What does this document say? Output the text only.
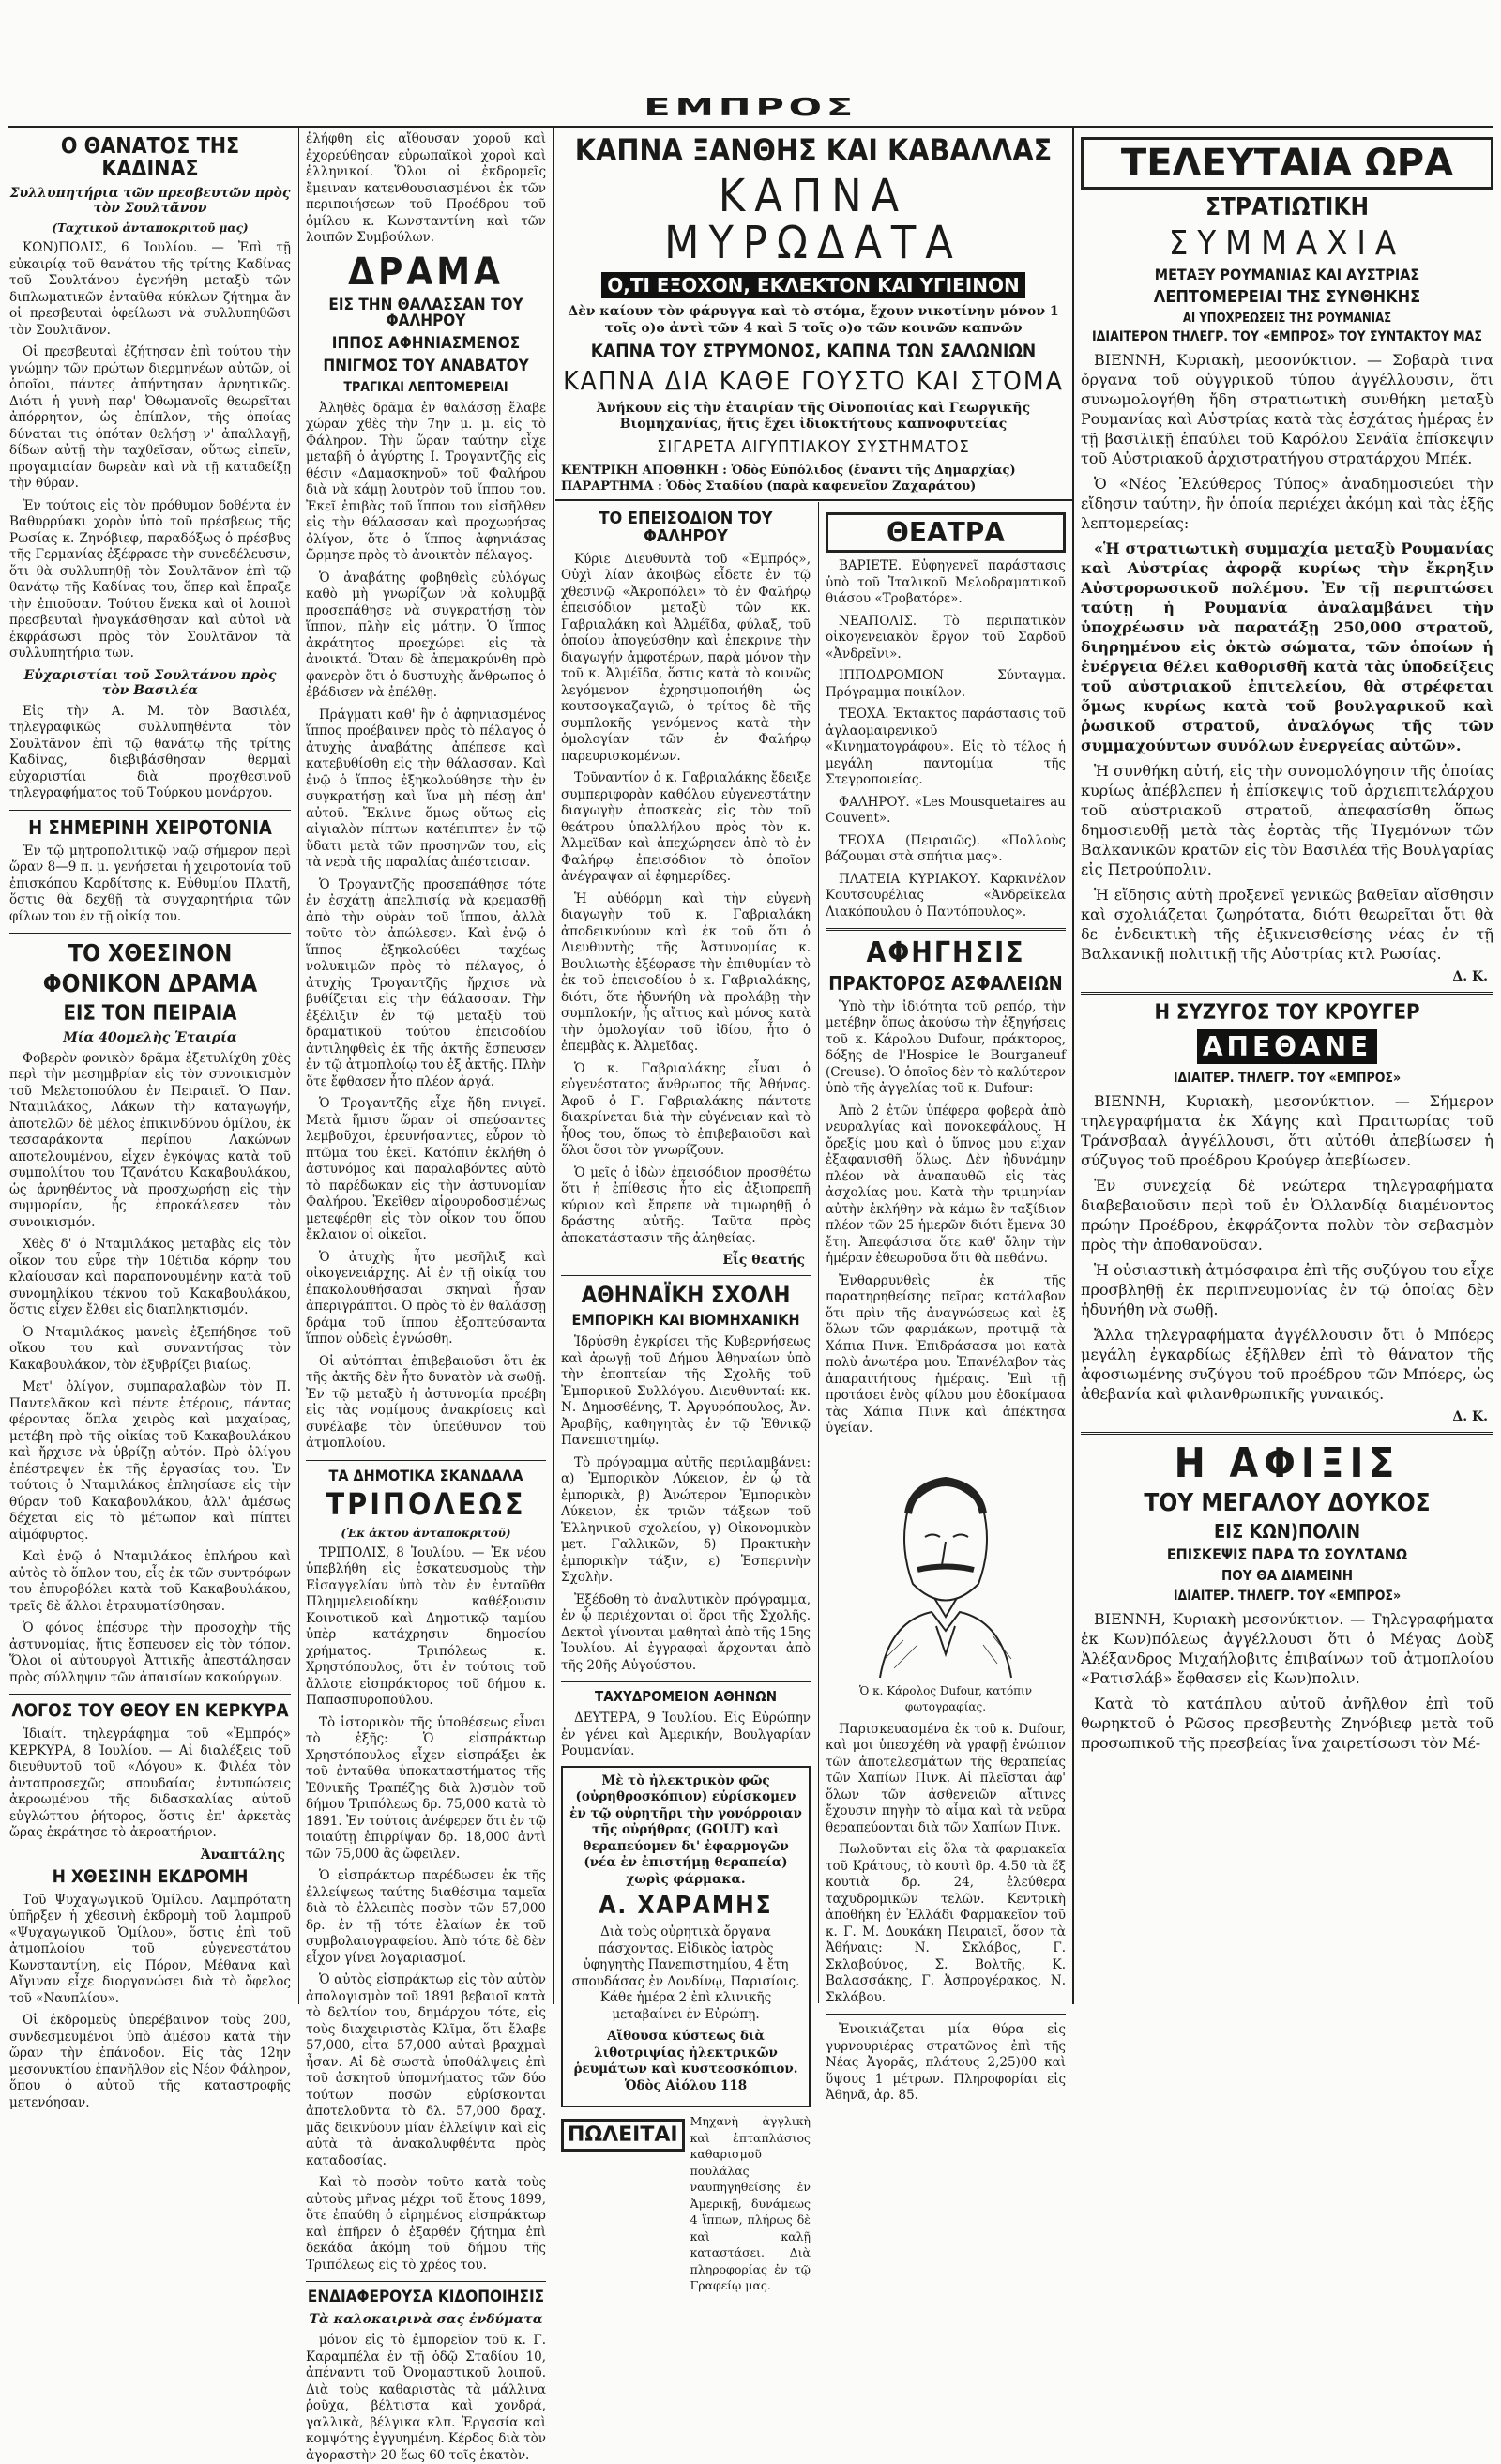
ΕΜΠΡΟΣ
Ο ΘΑΝΑΤΟΣ ΤΗΣ ΚΑΔΙΝΑΣ
Συλλυπητήρια τῶν πρεσβευτῶν πρὸς τὸν Σουλτᾶνον
(Ταχτικοῦ ἀνταποκριτοῦ μας)

ΚΩΝ)ΠΟΛΙΣ, 6 Ἰουλίου. — Ἐπὶ τῇ εὐκαιρίᾳ τοῦ θανάτου τῆς τρίτης Καδίνας τοῦ Σουλτάνου ἐγενήθη μεταξὺ τῶν διπλωματικῶν ἐνταῦθα κύκλων ζήτημα ἂν οἱ πρεσβευταὶ ὀφείλωσι νὰ συλλυπηθῶσι τὸν Σουλτᾶνον.

Οἱ πρεσβευταὶ ἐζήτησαν ἐπὶ τούτου τὴν γνώμην τῶν πρώτων διερμηνέων αὐτῶν, οἱ ὁποῖοι, πάντες ἀπήντησαν ἀρνητικῶς. Διότι ἡ γυνὴ παρ' Ὀθωμανοῖς θεωρεῖται ἀπόρρητον, ὡς ἐπίπλον, τῆς ὁποίας δύναται τις ὁπόταν θελήσῃ ν' ἀπαλλαγῇ, δίδων αὐτῇ τὴν ταχθεῖσαν, οὕτως εἰπεῖν, προγαμιαίαν δωρεὰν καὶ νὰ τῇ καταδείξῃ τὴν θύραν.

Ἐν τούτοις εἰς τὸν πρόθυμον δοθέντα ἐν Βαθυρρύακι χορὸν ὑπὸ τοῦ πρέσβεως τῆς Ρωσίας κ. Ζηνόβιεφ, παραδόξως ὁ πρέσβυς τῆς Γερμανίας ἐξέφρασε τὴν συνεδέλευσιν, ὅτι θὰ συλλυπηθῇ τὸν Σουλτᾶνον ἐπὶ τῷ θανάτῳ τῆς Καδίνας του, ὅπερ καὶ ἔπραξε τὴν ἐπιοῦσαν. Τούτου ἕνεκα καὶ οἱ λοιποὶ πρεσβευταὶ ἠναγκάσθησαν καὶ αὐτοὶ νὰ ἐκφράσωσι πρὸς τὸν Σουλτᾶνον τὰ συλλυπητήρια των.

Εὐχαριστίαι τοῦ Σουλτάνου πρὸς τὸν Βασιλέα

Εἰς τὴν Α. Μ. τὸν Βασιλέα, τηλεγραφικῶς συλλυπηθέντα τὸν Σουλτᾶνον ἐπὶ τῷ θανάτῳ τῆς τρίτης Καδίνας, διεβιβάσθησαν θερμαὶ εὐχαριστίαι διὰ προχθεσινοῦ τηλεγραφήματος τοῦ Τούρκου μονάρχου.

Η ΣΗΜΕΡΙΝΗ ΧΕΙΡΟΤΟΝΙΑ

Ἐν τῷ μητροπολιτικῷ ναῷ σήμερον περὶ ὥραν 8—9 π. μ. γενήσεται ἡ χειροτονία τοῦ ἐπισκόπου Καρδίτσης κ. Εὐθυμίου Πλατῆ, ὅστις θὰ δεχθῇ τὰ συγχαρητήρια τῶν φίλων του ἐν τῇ οἰκίᾳ του.

ΤΟ ΧΘΕΣΙΝΟΝ
ΦΟΝΙΚΟΝ ΔΡΑΜΑ
ΕΙΣ ΤΟΝ ΠΕΙΡΑΙΑ
Μία 40ομελὴς Ἑταιρία

Φοβερὸν φονικὸν δρᾶμα ἐξετυλίχθη χθὲς περὶ τὴν μεσημβρίαν εἰς τὸν συνοικισμὸν τοῦ Μελετοπούλου ἐν Πειραιεῖ. Ὁ Παν. Νταμιλάκος, Λάκων τὴν καταγωγήν, ἀποτελῶν δὲ μέλος ἐπικινδύνου ὁμίλου, ἐκ τεσσαράκοντα περίπου Λακώνων αποτελουμένου, εἶχεν ἐγκόψας κατὰ τοῦ συμπολίτου του Τζανάτου Κακαβουλάκου, ὡς ἀρνηθέντος νὰ προσχωρήσῃ εἰς τὴν συμμορίαν, ἧς ἐπροκάλεσεν τὸν συνοικισμόν.

Χθὲς δ' ὁ Νταμιλάκος μεταβὰς εἰς τὸν οἶκον του εὗρε τὴν 10έτιδα κόρην του κλαίουσαν καὶ παραπονουμένην κατὰ τοῦ συνομηλίκου τέκνου τοῦ Κακαβουλάκου, ὅστις εἶχεν ἔλθει εἰς διαπληκτισμόν.

Ὁ Νταμιλάκος μανεὶς ἐξεπήδησε τοῦ οἴκου του καὶ συναντήσας τὸν Κακαβουλάκον, τὸν ἐξυβρίζει βιαίως.

Μετ' ὀλίγον, συμπαραλαβὼν τὸν Π. Παντελᾶκον καὶ πέντε ἑτέρους, πάντας φέροντας ὅπλα χειρὸς καὶ μαχαίρας, μετέβη πρὸ τῆς οἰκίας τοῦ Κακαβουλάκου καὶ ἤρχισε νὰ ὑβρίζῃ αὐτόν. Πρὸ ὀλίγου ἐπέστρεψεν ἐκ τῆς ἐργασίας του. Ἐν τούτοις ὁ Νταμιλάκος ἐπλησίασε εἰς τὴν θύραν τοῦ Κακαβουλάκου, ἀλλ' ἀμέσως δέχεται εἰς τὸ μέτωπον καὶ πίπτει αἱμόφυρτος.

Καὶ ἐνῷ ὁ Νταμιλάκος ἐπλήρου καὶ αὐτὸς τὸ ὅπλον του, εἷς ἐκ τῶν συντρόφων του ἐπυροβόλει κατὰ τοῦ Κακαβουλάκου, τρεῖς δὲ ἄλλοι ἐτραυματίσθησαν.

Ὁ φόνος ἐπέσυρε τὴν προσοχὴν τῆς ἀστυνομίας, ἥτις ἔσπευσεν εἰς τὸν τόπον. Ὅλοι οἱ αὐτουργοὶ Ἀττικῆς ἀπεστάλησαν πρὸς σύλληψιν τῶν ἀπαισίων κακούργων.

ΛΟΓΟΣ ΤΟΥ ΘΕΟΥ ΕΝ ΚΕΡΚΥΡΑ

Ἰδιαίτ. τηλεγράφημα τοῦ «Ἐμπρός» ΚΕΡΚΥΡΑ, 8 Ἰουλίου. — Αἱ διαλέξεις τοῦ διευθυντοῦ τοῦ «Λόγου» κ. Φιλέα τὸν ἀνταπροσεχῶς σπουδαίας ἐντυπώσεις ἀκροωμένου τῆς διδασκαλίας αὐτοῦ εὐγλώττου ῥήτορος, ὅστις ἐπ' ἀρκετὰς ὥρας ἐκράτησε τὸ ἀκροατήριον.

Ἀναπτάλης
Η ΧΘΕΣΙΝΗ ΕΚΔΡΟΜΗ

Τοῦ Ψυχαγωγικοῦ Ὁμίλου. Λαμπρότατη ὑπῆρξεν ἡ χθεσινὴ ἐκδρομὴ τοῦ λαμπροῦ «Ψυχαγωγικοῦ Ὁμίλου», ὅστις ἐπὶ τοῦ ἀτμοπλοίου τοῦ εὐγενεστάτου Κωνσταντίνη, εἰς Πόρον, Μέθανα καὶ Αἴγιναν εἶχε διοργανώσει διὰ τὸ ὄφελος τοῦ «Ναυπλίου».

Οἱ ἐκδρομεὺς ὑπερέβαινον τοὺς 200, συνδεσμευμένοι ὑπὸ ἀμέσου κατὰ τὴν ὥραν τὴν ἐπάνοδον. Εἰς τὰς 12ην μεσονυκτίου ἐπανῆλθον εἰς Νέον Φάληρον, ὅπου ὁ αὐτοῦ τῆς καταστροφῆς μετενόησαν.

ἐλήφθη εἰς αἴθουσαν χοροῦ καὶ ἐχορεύθησαν εὐρωπαϊκοὶ χοροὶ καὶ ἑλληνικοί. Ὅλοι οἱ ἐκδρομεῖς ἔμειναν κατενθουσιασμένοι ἐκ τῶν περιποιήσεων τοῦ Προέδρου τοῦ ὁμίλου κ. Κωνσταντίνη καὶ τῶν λοιπῶν Συμβούλων.

ΔΡΑΜΑ
ΕΙΣ ΤΗΝ ΘΑΛΑΣΣΑΝ ΤΟΥ ΦΑΛΗΡΟΥ
ΙΠΠΟΣ ΑΦΗΝΙΑΣΜΕΝΟΣ
ΠΝΙΓΜΟΣ ΤΟΥ ΑΝΑΒΑΤΟΥ
ΤΡΑΓΙΚΑΙ ΛΕΠΤΟΜΕΡΕΙΑΙ

Ἀληθὲς δρᾶμα ἐν θαλάσσῃ ἔλαβε χώραν χθὲς τὴν 7ην μ. μ. εἰς τὸ Φάληρον. Τὴν ὥραν ταύτην εἶχε μεταβῆ ὁ ἀγύρτης Ι. Τρογαντζῆς εἰς θέσιν «Δαμασκηνοῦ» τοῦ Φαλήρου διὰ νὰ κάμῃ λουτρὸν τοῦ ἵππου του. Ἐκεῖ ἐπιβὰς τοῦ ἵππου του εἰσῆλθεν εἰς τὴν θάλασσαν καὶ προχωρήσας ὀλίγον, ὅτε ὁ ἵππος ἀφηνιάσας ὥρμησε πρὸς τὸ ἀνοικτὸν πέλαγος.

Ὁ ἀναβάτης φοβηθεὶς εὐλόγως καθὸ μὴ γνωρίζων νὰ κολυμβᾷ προσεπάθησε νὰ συγκρατήσῃ τὸν ἵππον, πλὴν εἰς μάτην. Ὁ ἵππος ἀκράτητος προεχώρει εἰς τὰ ἀνοικτά. Ὅταν δὲ ἀπεμακρύνθη πρὸ φανερὸν ὅτι ὁ δυστυχὴς ἄνθρωπος ὁ ἐβάδισεν νὰ ἐπέλθῃ.

Πράγματι καθ' ἣν ὁ ἀφηνιασμένος ἵππος προέβαινεν πρὸς τὸ πέλαγος ὁ ἀτυχὴς ἀναβάτης ἀπέπεσε καὶ κατεβυθίσθη εἰς τὴν θάλασσαν. Καὶ ἐνῷ ὁ ἵππος ἐξηκολούθησε τὴν ἐν συγκρατήσῃ καὶ ἵνα μὴ πέσῃ ἀπ' αὐτοῦ. Ἔκλινε ὅμως οὕτως εἰς αἰγιαλὸν πίπτων κατέπιπτεν ἐν τῷ ὕδατι μετὰ τῶν προσηνῶν του, εἰς τὰ νερὰ τῆς παραλίας ἀπέστεισαν.

Ὁ Τρογαντζῆς προσεπάθησε τότε ἐν ἐσχάτῃ ἀπελπισίᾳ νὰ κρεμασθῇ ἀπὸ τὴν οὐρὰν τοῦ ἵππου, ἀλλὰ τοῦτο τὸν ἀπώλεσεν. Καὶ ἐνῷ ὁ ἵππος ἐξηκολούθει ταχέως νολυκιμῶν πρὸς τὸ πέλαγος, ὁ ἀτυχὴς Τρογαντζῆς ἤρχισε νὰ βυθίζεται εἰς τὴν θάλασσαν. Τὴν ἐξέλιξιν ἐν τῷ μεταξὺ τοῦ δραματικοῦ τούτου ἐπεισοδίου ἀντιληφθεὶς ἐκ τῆς ἀκτῆς ἔσπευσεν ἐν τῷ ἀτμοπλοίῳ του ἐξ ἀκτῆς. Πλὴν ὅτε ἔφθασεν ἦτο πλέον ἀργά.

Ὁ Τρογαντζῆς εἶχε ἤδη πνιγεῖ. Μετὰ ἥμισυ ὥραν οἱ σπεύσαντες λεμβοῦχοι, ἐρευνήσαντες, εὗρον τὸ πτῶμα του ἐκεῖ. Κατόπιν ἐκλήθη ὁ ἀστυνόμος καὶ παραλαβόντες αὐτὸ τὸ παρέδωκαν εἰς τὴν ἀστυνομίαν Φαλήρου. Ἐκεῖθεν αἱρουροδοσμένως μετεφέρθη εἰς τὸν οἶκον του ὅπου ἔκλαιον οἱ οἰκεῖοι.

Ὁ ἀτυχὴς ἦτο μεσῆλιξ καὶ οἰκογενειάρχης. Αἱ ἐν τῇ οἰκίᾳ του ἐπακολουθήσασαι σκηναὶ ἦσαν ἀπεριγράπτοι. Ὁ πρὸς τὸ ἐν θαλάσσῃ δράμα τοῦ ἵππου ἐξοπτεύσαντα ἵππον οὐδεὶς ἐγνώσθη.

Οἱ αὐτόπται ἐπιβεβαιοῦσι ὅτι ἐκ τῆς ἀκτῆς δὲν ἦτο δυνατὸν νὰ σωθῇ. Ἐν τῷ μεταξὺ ἡ ἀστυνομία προέβη εἰς τὰς νομίμους ἀνακρίσεις καὶ συνέλαβε τὸν ὑπεύθυνον τοῦ ἀτμοπλοίου.

ΤΑ ΔΗΜΟΤΙΚΑ ΣΚΑΝΔΑΛΑ
ΤΡΙΠΟΛΕΩΣ
(Ἐκ ἀκτου ἀνταποκριτοῦ)

ΤΡΙΠΟΛΙΣ, 8 Ἰουλίου. — Ἐκ νέου ὑπεβλήθη εἰς ἐσκατευσμοὺς τὴν Εἰσαγγελίαν ὑπὸ τὸν ἐν ἐνταῦθα Πλημμελειοδίκην καθέξουσιν Κοινοτικοῦ καὶ Δημοτικῷ ταμίου ὑπὲρ κατάχρησιν δημοσίου χρήματος. Τριπόλεως κ. Χρηστόπουλος, ὅτι ἐν τούτοις τοῦ ἄλλοτε εἰσπράκτορος τοῦ δήμου κ. Παπασπυροπούλου.

Τὸ ἱστορικὸν τῆς ὑποθέσεως εἶναι τὸ ἑξῆς: Ὁ εἰσπράκτωρ Χρηστόπουλος εἶχεν εἰσπράξει ἐκ τοῦ ἐνταῦθα ὑποκαταστήματος τῆς Ἐθνικῆς Τραπέζης διὰ λ)σμὸν τοῦ δήμου Τριπόλεως δρ. 75,000 κατὰ τὸ 1891. Ἐν τούτοις ἀνέφερεν ὅτι ἐν τῷ τοιαύτῃ ἐπιρρίψαν δρ. 18,000 ἀντὶ τῶν 75,000 ἃς ὤφειλεν.

Ὁ εἰσπράκτωρ παρέδωσεν ἐκ τῆς ἐλλείψεως ταύτης διαθέσιμα ταμεῖα διὰ τὸ ἐλλειπὲς ποσὸν τῶν 57,000 δρ. ἐν τῇ τότε ἐλαίων ἐκ τοῦ συμβολαιογραφείου. Ἀπὸ τότε δὲ δὲν εἶχον γίνει λογαριασμοί.

Ὁ αὐτὸς εἰσπράκτωρ εἰς τὸν αὐτὸν ἀπολογισμὸν τοῦ 1891 βεβαιοῖ κατὰ τὸ δελτίον του, δημάρχου τότε, εἰς τοὺς διαχειριστὰς Κλῖμα, ὅτι ἔλαβε 57,000, εἶτα 57,000 αὐταὶ βραχμαὶ ἦσαν. Αἱ δὲ σωστὰ ὑποθάλψεις ἐπὶ τοῦ ἀσκητοῦ ὑπομνήματος τῶν δύο τούτων ποσῶν εὑρίσκονται ἀποτελοῦντα τὸ δλ. 57,000 δραχ. μᾶς δεικνύουν μίαν ἐλλείψιν καὶ εἰς αὐτὰ τὰ ἀνακαλυφθέντα πρὸς καταδοσίας.

Καὶ τὸ ποσὸν τοῦτο κατὰ τοὺς αὐτοὺς μῆνας μέχρι τοῦ ἔτους 1899, ὅτε ἐπαύθη ὁ εἰρημένος εἰσπράκτωρ καὶ ἐπῆρεν ὁ ἐξαρθέν ζήτημα ἐπὶ δεκάδα ἀκόμη τοῦ δήμου τῆς Τριπόλεως εἰς τὸ χρέος του.

ΕΝΔΙΑΦΕΡΟΥΣΑ ΚΙΔΟΠΟΙΗΣΙΣ
Τὰ καλοκαιρινὰ σας ἐνδύματα

μόνον εἰς τὸ ἐμπορεῖον τοῦ κ. Γ. Καραμπέλα ἐν τῇ ὁδῷ Σταδίου 10, ἀπέναντι τοῦ Ὀνομαστικοῦ λοιποῦ. Διὰ τοὺς καθαριστὰς τὰ μάλλινα ῥοῦχα, βέλτιστα καὶ χονδρά, γαλλικὰ, βέλγικα κλπ. Ἐργασία καὶ κομψότης ἐγγυημένη. Κέρδος διὰ τὸν ἀγοραστὴν 20 ἕως 60 τοῖς ἑκατὸν.

ΚΑΠΝΑ ΞΑΝΘΗΣ ΚΑΙ ΚΑΒΑΛΛΑΣ
ΚΑΠΝΑ ΜΥΡΩΔΑΤΑ
Ο,ΤΙ ΕΞΟΧΟΝ, ΕΚΛΕΚΤΟΝ ΚΑΙ ΥΓΙΕΙΝΟΝ

Δὲν καίουν τὸν φάρυγγα καὶ τὸ στόμα, ἔχουν νικοτίνην μόνον 1 τοῖς ο)ο ἀντὶ τῶν 4 καὶ 5 τοῖς ο)ο τῶν κοινῶν καπνῶν

ΚΑΠΝΑ ΤΟΥ ΣΤΡΥΜΟΝΟΣ, ΚΑΠΝΑ ΤΩΝ ΣΑΛΩΝΙΩΝ
ΚΑΠΝΑ ΔΙΑ ΚΑΘΕ ΓΟΥΣΤΟ ΚΑΙ ΣΤΟΜΑ

Ἀνήκουν εἰς τὴν ἑταιρίαν τῆς Οἰνοποιίας καὶ Γεωργικῆς Βιομηχανίας, ἥτις ἔχει ἰδιοκτήτους καπνοφυτείας

ΣΙΓΑΡΕΤΑ ΑΙΓΥΠΤΙΑΚΟΥ ΣΥΣΤΗΜΑΤΟΣ

ΚΕΝΤΡΙΚΗ ΑΠΟΘΗΚΗ : Ὁδὸς Εὐπόλιδος (ἔναντι τῆς Δημαρχίας)

ΠΑΡΑΡΤΗΜΑ : Ὁδὸς Σταδίου (παρὰ καφενεῖον Ζαχαράτου)

ΤΟ ΕΠΕΙΣΟΔΙΟΝ ΤΟΥ ΦΑΛΗΡΟΥ

Κύριε Διευθυντὰ τοῦ «Ἐμπρός», Οὐχὶ λίαν ἀκοιβῶς εἶδετε ἐν τῷ χθεσινῷ «Ἀκροπόλει» τὸ ἐν Φαλήρῳ ἐπεισόδιον μεταξὺ τῶν κκ. Γαβριαλάκη καὶ Ἀλμέῖδα, φύλαξ, τοῦ ὁποίου ἀπογεύσθην καὶ ἐπεκρινε τὴν διαγωγήν ἀμφοτέρων, παρὰ μόνον τὴν τοῦ κ. Ἀλμέῖδα, ὅστις κατὰ τὸ κοινῶς λεγόμενον ἐχρησιμοποιήθη ὡς κουτσογκαζαγιῶ, ὁ τρίτος δὲ τῆς συμπλοκῆς γενόμενος κατὰ τὴν ὁμολογίαν τῶν ἐν Φαλήρῳ παρευρισκομένων.

Τοῦναντίον ὁ κ. Γαβριαλάκης ἔδειξε συμπεριφορὰν καθόλου εὐγενεστάτην διαγωγὴν ἀποσκεὰς εἰς τὸν τοῦ θεάτρου ὑπαλλήλου πρὸς τὸν κ. Ἀλμεϊδαν καὶ ἀπεχώρησεν ἀπὸ τὸ ἐν Φαλήρῳ ἐπεισόδιον τὸ ὁποῖον ἀνέγραψαν αἱ ἐφημερίδες.

Ἡ αὐθόρμη καὶ τὴν εὐγενὴ διαγωγὴν τοῦ κ. Γαβριαλάκη ἀποδεικνύουν καὶ ἐκ τοῦ ὅτι ὁ Διευθυντὴς τῆς Ἀστυνομίας κ. Βουλιωτὴς ἐξέφρασε τὴν ἐπιθυμίαν τὸ ἐκ τοῦ ἐπεισοδίου ὁ κ. Γαβριαλάκης, διότι, ὅτε ἠδυνήθη νὰ προλάβῃ τὴν συμπλοκήν, ἦς αἴτιος καὶ μόνος κατὰ τὴν ὁμολογίαν τοῦ ἰδίου, ἦτο ὁ ἐπεμβὰς κ. Ἀλμεῖδας.

Ὁ κ. Γαβριαλάκης εἶναι ὁ εὐγενέστατος ἄνθρωπος τῆς Ἀθήνας. Ἀφοῦ ὁ Γ. Γαβριαλάκης πάντοτε διακρίνεται διὰ τὴν εὐγένειαν καὶ τὸ ἦθος του, ὅπως τὸ ἐπιβεβαιοῦσι καὶ ὅλοι ὅσοι τὸν γνωρίζουν.

Ὁ μεῖς ὁ ἰδὼν ἐπεισόδιον προσθέτω ὅτι ἡ ἐπίθεσις ἦτο εἰς ἀξιοπρεπῆ κύριον καὶ ἔπρεπε νὰ τιμωρηθῇ ὁ δράστης αὐτῆς. Ταῦτα πρὸς ἀποκατάστασιν τῆς ἀληθείας.

Εἷς θεατής
ΑΘΗΝΑΪΚΗ ΣΧΟΛΗ
ΕΜΠΟΡΙΚΗ ΚΑΙ ΒΙΟΜΗΧΑΝΙΚΗ

Ἱδρύσθη ἐγκρίσει τῆς Κυβερνήσεως καὶ ἀρωγῇ τοῦ Δήμου Ἀθηναίων ὑπὸ τὴν ἐποπτείαν τῆς Σχολῆς τοῦ Ἐμπορικοῦ Συλλόγου. Διευθυνταί: κκ. Ν. Δημοσθένης, Τ. Ἀργυρόπουλος, Ἀν. Ἀραβῆς, καθηγητὰς ἐν τῷ Ἐθνικῷ Πανεπιστημίῳ.

Τὸ πρόγραμμα αὐτῆς περιλαμβάνει: α) Ἐμπορικὸν Λύκειον, ἐν ᾧ τὰ ἐμπορικὰ, β) Ἀνώτερον Ἐμπορικὸν Λύκειον, ἐκ τριῶν τάξεων τοῦ Ἑλληνικοῦ σχολείου, γ) Οἰκονομικὸν μετ. Γαλλικῶν, δ) Πρακτικὴν ἐμπορικὴν τάξιν, ε) Ἑσπερινὴν Σχολὴν.

Ἐξέδοθη τὸ ἀναλυτικὸν πρόγραμμα, ἐν ᾧ περιέχονται οἱ ὅροι τῆς Σχολῆς. Δεκτοὶ γίνονται μαθηταὶ ἀπὸ τῆς 15ης Ἰουλίου. Αἱ ἐγγραφαὶ ἄρχονται ἀπὸ τῆς 20ῆς Αὐγούστου.

ΤΑΧΥΔΡΟΜΕΙΟΝ ΑΘΗΝΩΝ

ΔΕΥΤΕΡΑ, 9 Ἰουλίου. Εἰς Εὐρώπην ἐν γένει καὶ Ἀμερικήν, Βουλγαρίαν Ρουμανίαν.

Μὲ τὸ ἠλεκτρικὸν φῶς (οὐρηθροσκόπιον) εὑρίσκομεν ἐν τῷ οὐρητῆρι τὴν γονόρροιαν τῆς οὐρήθρας (GOUT) καὶ θεραπεύομεν δι' ἐφαρμογῶν (νέα ἐν ἐπιστήμῃ θεραπεία) χωρὶς φάρμακα.

Α. ΧΑΡΑΜΗΣ

Διὰ τοὺς οὐρητικὰ ὄργανα πάσχοντας. Εἰδικὸς ἰατρὸς ὑφηγητὴς Πανεπιστημίου, 4 ἔτη σπουδάσας ἐν Λονδίνῳ, Παρισίοις. Κάθε ἡμέρα 2 ἐπὶ κλινικῆς μεταβαίνει ἐν Εὐρώπῃ.

Αἴθουσα κύστεως διὰ λιθοτριψίας ἠλεκτρικῶν ῥευμάτων καὶ κυστεοσκόπιον. Ὁδὸς Αἰόλου 118

ΠΩΛΕΙΤΑΙ

Μηχανὴ ἀγγλικὴ καὶ ἑπταπλάσιος καθαρισμοῦ πουλάλας ναυπηγηθείσης ἐν Ἀμερικῇ, δυνάμεως 4 ἵππων, πλήρως δὲ καὶ καλῇ καταστάσει. Διὰ πληροφορίας ἐν τῷ Γραφείῳ μας.

ΘΕΑΤΡΑ

ΒΑΡΙΕΤΕ. Εὐφηγενεῖ παράστασις ὑπὸ τοῦ Ἰταλικοῦ Μελοδραματικοῦ θιάσου «Τροβατόρε».

ΝΕΑΠΟΛΙΣ. Τὸ περιπατικὸν οἰκογενειακὸν ἔργον τοῦ Σαρδοῦ «Ἀνδρεῖνι».

ΙΠΠΟΔΡΟΜΙΟΝ Σύνταγμα. Πρόγραμμα ποικίλον.

ΤΕΟΧΑ. Ἐκτακτος παράστασις τοῦ ἀγλαομαιρενικοῦ «Κινηματογράφου». Εἰς τὸ τέλος ἡ μεγάλη παντομίμα τῆς Στεγροποιείας.

ΦΑΛΗΡΟΥ. «Les Mousquetaires au Couvent».

ΤΕΟΧΑ (Πειραιῶς). «Πολλοὺς βάζουμαι στὰ σπήτια μας».

ΠΛΑΤΕΙΑ ΚΥΡΙΑΚΟΥ. Καρκινέλον Κουτσουρέλιας «Ἀνδρεῖκελα Λιακόπουλου ὁ Παντόπουλος».

ΑΦΗΓΗΣΙΣ
ΠΡΑΚΤΟΡΟΣ ΑΣΦΑΛΕΙΩΝ

Ὑπὸ τὴν ἰδιότητα τοῦ ρεπόρ, τὴν μετέβην ὅπως ἀκούσω τὴν ἐξηγήσεις τοῦ κ. Κάρολου Dufour, πράκτορος, δόξης de l'Hospice le Bourganeuf (Creuse). Ὁ ὁποῖος δὲν τὸ καλύτερον ὑπὸ τῆς ἀγγελίας τοῦ κ. Dufour:

Ἀπὸ 2 ἐτῶν ὑπέφερα φοβερὰ ἀπὸ νευραλγίας καὶ πονοκεφάλους. Ἡ ὄρεξίς μου καὶ ὁ ὕπνος μου εἶχαν ἐξαφανισθῆ ὅλως. Δὲν ἠδυνάμην πλέον νὰ ἀναπαυθῶ εἰς τὰς ἀσχολίας μου. Κατὰ τὴν τριμηνίαν αὐτὴν ἐκλήθην νὰ κάμω ἓν ταξίδιον πλέον τῶν 25 ἡμερῶν διότι ἔμενα 30 ἔτη. Ἀπεφάσισα ὅτε καθ' ὅλην τὴν ἡμέραν ἐθεωροῦσα ὅτι θὰ πεθάνω.

Ἐνθαρρυνθεὶς ἐκ τῆς παρατηρηθείσης πεῖρας κατάλαβον ὅτι πρὶν τῆς ἀναγνώσεως καὶ ἐξ ὅλων τῶν φαρμάκων, προτιμᾷ τὰ Χάπια Πινκ. Ἐπιδράσασα μοι κατὰ πολὺ ἀνωτέρα μου. Ἐπανέλαβον τὰς ἀπαραιτήτους ἡμέραις. Ἐπὶ τῇ προτάσει ἑνὸς φίλου μου ἐδοκίμασα τὰς Χάπια Πινκ καὶ ἀπέκτησα ὑγείαν.

Ὁ κ. Κάρολος Dufour, κατόπιν φωτογραφίας.

Παρισκευασμένα ἐκ τοῦ κ. Dufour, καὶ μοι ὑπεσχέθη νὰ γραφῇ ἐνώπιον τῶν ἀποτελεσμάτων τῆς θεραπείας τῶν Χαπίων Πινκ. Αἱ πλεῖσται ἀφ' ὅλων τῶν ἀσθενειῶν αἴτινες ἔχουσιν πηγὴν τὸ αἷμα καὶ τὰ νεῦρα θεραπεύονται διὰ τῶν Χαπίων Πινκ.

Πωλοῦνται εἰς ὅλα τὰ φαρμακεῖα τοῦ Κράτους, τὸ κουτὶ δρ. 4.50 τὰ ἕξ κουτιὰ δρ. 24, ἐλεύθερα ταχυδρομικῶν τελῶν. Κεντρικὴ ἀποθήκη ἐν Ἑλλάδι Φαρμακεῖον τοῦ κ. Γ. Μ. Δουκάκη Πειραιεῖ, ὅσον τὰ Ἀθήναις: Ν. Σκλάβος, Γ. Σκλαβούνος, Σ. Βολτῆς, Κ. Βαλασσάκης, Γ. Ἀσπρογέρακος, Ν. Σκλάβου.

Ἐνοικιάζεται μία θύρα εἰς γυρνουριέρας στρατῶνος ἐπὶ τῆς Νέας Ἀγορᾶς, πλάτους 2,25)00 καὶ ὕψους 1 μέτρων. Πληροφορίαι εἰς Ἀθηνᾶ, ἀρ. 85.

ΤΕΛΕΥΤΑΙΑ ΩΡΑ
ΣΤΡΑΤΙΩΤΙΚΗ
ΣΥΜΜΑΧΙΑ
ΜΕΤΑΞΥ ΡΟΥΜΑΝΙΑΣ ΚΑΙ ΑΥΣΤΡΙΑΣ
ΛΕΠΤΟΜΕΡΕΙΑΙ ΤΗΣ ΣΥΝΘΗΚΗΣ
ΑΙ ΥΠΟΧΡΕΩΣΕΙΣ ΤΗΣ ΡΟΥΜΑΝΙΑΣ
ΙΔΙΑΙΤΕΡΟΝ ΤΗΛΕΓΡ. ΤΟΥ «ΕΜΠΡΟΣ» ΤΟΥ ΣΥΝΤΑΚΤΟΥ ΜΑΣ

ΒΙΕΝΝΗ, Κυριακὴ, μεσονύκτιον. — Σοβαρὰ τινα ὄργανα τοῦ οὐγγρικοῦ τύπου ἀγγέλλουσιν, ὅτι συνωμολογήθη ἤδη στρατιωτικὴ συνθήκη μεταξὺ Ρουμανίας καὶ Αὐστρίας κατὰ τὰς ἐσχάτας ἡμέρας ἐν τῇ βασιλικῇ ἐπαύλει τοῦ Καρόλου Σενάϊα ἐπίσκεψιν τοῦ Αὐστριακοῦ ἀρχιστρατήγου στρατάρχου Μπέκ.

Ὁ «Νέος Ἐλεύθερος Τύπος» ἀναδημοσιεύει τὴν εἴδησιν ταύτην, ἣν ὁποία περιέχει ἀκόμη καὶ τὰς ἑξῆς λεπτομερείας:

«Ἡ στρατιωτικὴ συμμαχία μεταξὺ Ρουμανίας καὶ Αὐστρίας ἀφορᾷ κυρίως τὴν ἔκρηξιν Αὐστρορωσικοῦ πολέμου. Ἐν τῇ περιπτώσει ταύτῃ ἡ Ρουμανία ἀναλαμβάνει τὴν ὑποχρέωσιν νὰ παρατάξῃ 250,000 στρατοῦ, διηρημένου εἰς ὀκτὼ σώματα, τῶν ὁποίων ἡ ἐνέργεια θέλει καθορισθῆ κατὰ τὰς ὑποδείξεις τοῦ αὐστριακοῦ ἐπιτελείου, θὰ στρέφεται ὅμως κυρίως κατὰ τοῦ βουλγαρικοῦ καὶ ῥωσικοῦ στρατοῦ, ἀναλόγως τῆς τῶν συμμαχούντων συνόλων ἐνεργείας αὐτῶν».

Ἡ συνθήκη αὐτή, εἰς τὴν συνομολόγησιν τῆς ὁποίας κυρίως ἀπέβλεπεν ἡ ἐπίσκεψις τοῦ ἀρχιεπιτελάρχου τοῦ αὐστριακοῦ στρατοῦ, ἀπεφασίσθη ὅπως δημοσιευθῇ μετὰ τὰς ἐορτὰς τῆς Ἡγεμόνων τῶν Βαλκανικῶν κρατῶν εἰς τὸν Βασιλέα τῆς Βουλγαρίας εἰς Πετρούπολιν.

Ἡ εἴδησις αὐτὴ προξενεῖ γενικῶς βαθεῖαν αἴσθησιν καὶ σχολιάζεται ζωηρότατα, διότι θεωρεῖται ὅτι θὰ δε ἐνδεικτικὴ τῆς ἐξικνεισθείσης νέας ἐν τῇ Βαλκανικῇ πολιτικῇ τῆς Αὐστρίας κτλ Ρωσίας.

Δ. Κ.
Η ΣΥΖΥΓΟΣ ΤΟΥ ΚΡΟΥΓΕΡ
ΑΠΕΘΑΝΕ
ΙΔΙΑΙΤΕΡ. ΤΗΛΕΓΡ. ΤΟΥ «ΕΜΠΡΟΣ»

ΒΙΕΝΝΗ, Κυριακὴ, μεσονύκτιον. — Σήμερον τηλεγραφήματα ἐκ Χάγης καὶ Πραιτωρίας τοῦ Τράνσβααλ ἀγγέλλουσι, ὅτι αὐτόθι ἀπεβίωσεν ἡ σύζυγος τοῦ προέδρου Κρούγερ ἀπεβίωσεν.

Ἐν συνεχείᾳ δὲ νεώτερα τηλεγραφήματα διαβεβαιοῦσιν περὶ τοῦ ἐν Ὁλλανδίᾳ διαμένοντος πρώην Προέδρου, ἐκφράζοντα πολὺν τὸν σεβασμὸν πρὸς τὴν ἀποθανοῦσαν.

Ἡ οὐσιαστικὴ ἀτμόσφαιρα ἐπὶ τῆς συζύγου του εἶχε προσβληθῇ ἐκ περιπνευμονίας ἐν τῷ ὁποίας δὲν ἠδυνήθη νὰ σωθῇ.

Ἄλλα τηλεγραφήματα ἀγγέλλουσιν ὅτι ὁ Μπόερς μεγάλη ἐγκαρδίως ἐξῆλθεν ἐπὶ τὸ θάνατον τῆς ἀφοσιωμένης συζύγου τοῦ προέδρου τῶν Μπόερς, ὡς ἀθεβανία καὶ φιλανθρωπικῆς γυναικός.

Δ. Κ.
Η ΑΦΙΞΙΣ
ΤΟΥ ΜΕΓΑΛΟΥ ΔΟΥΚΟΣ
ΕΙΣ ΚΩΝ)ΠΟΛΙΝ
ΕΠΙΣΚΕΨΙΣ ΠΑΡΑ ΤΩ ΣΟΥΛΤΑΝΩ
ΠΟΥ ΘΑ ΔΙΑΜΕΙΝΗ
ΙΔΙΑΙΤΕΡ. ΤΗΛΕΓΡ. ΤΟΥ «ΕΜΠΡΟΣ»

ΒΙΕΝΝΗ, Κυριακὴ μεσονύκτιον. — Τηλεγραφήματα ἐκ Κων)πόλεως ἀγγέλλουσι ὅτι ὁ Μέγας Δοὺξ Ἀλέξανδρος Μιχαήλοβιτς ἐπιβαίνων τοῦ ἀτμοπλοίου «Ρατισλάβ» ἔφθασεν εἰς Κων)πολιν.

Κατὰ τὸ κατάπλου αὐτοῦ ἀνῆλθον ἐπὶ τοῦ θωρηκτοῦ ὁ Ρῶσος πρεσβευτὴς Ζηνόβιεφ μετὰ τοῦ προσωπικοῦ τῆς πρεσβείας ἵνα χαιρετίσωσι τὸν Μέ-
